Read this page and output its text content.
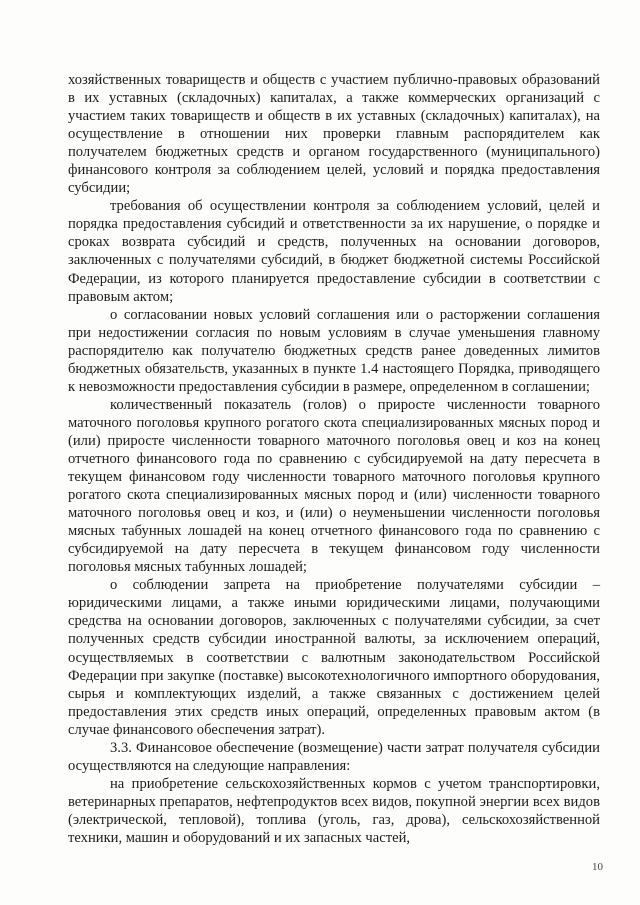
хозяйственных товариществ и обществ с участием публично-правовых образований в их уставных (складочных) капиталах, а также коммерческих организаций с участием таких товариществ и обществ в их уставных (складочных) капиталах), на осуществление в отношении них проверки главным распорядителем как получателем бюджетных средств и органом государственного (муниципального) финансового контроля за соблюдением целей, условий и порядка предоставления субсидии;

требования об осуществлении контроля за соблюдением условий, целей и порядка предоставления субсидий и ответственности за их нарушение, о порядке и сроках возврата субсидий и средств, полученных на основании договоров, заключенных с получателями субсидий, в бюджет бюджетной системы Российской Федерации, из которого планируется предоставление субсидии в соответствии с правовым актом;

о согласовании новых условий соглашения или о расторжении соглашения при недостижении согласия по новым условиям в случае уменьшения главному распорядителю как получателю бюджетных средств ранее доведенных лимитов бюджетных обязательств, указанных в пункте 1.4 настоящего Порядка, приводящего к невозможности предоставления субсидии в размере, определенном в соглашении;

количественный показатель (голов) о приросте численности товарного маточного поголовья крупного рогатого скота специализированных мясных пород и (или) приросте численности товарного маточного поголовья овец и коз на конец отчетного финансового года по сравнению с субсидируемой на дату пересчета в текущем финансовом году численности товарного маточного поголовья крупного рогатого скота специализированных мясных пород и (или) численности товарного маточного поголовья овец и коз, и (или) о неуменьшении численности поголовья мясных табунных лошадей на конец отчетного финансового года по сравнению с субсидируемой на дату пересчета в текущем финансовом году численности поголовья мясных табунных лошадей;

о соблюдении запрета на приобретение получателями субсидии – юридическими лицами, а также иными юридическими лицами, получающими средства на основании договоров, заключенных с получателями субсидии, за счет полученных средств субсидии иностранной валюты, за исключением операций, осуществляемых в соответствии с валютным законодательством Российской Федерации при закупке (поставке) высокотехнологичного импортного оборудования, сырья и комплектующих изделий, а также связанных с достижением целей предоставления этих средств иных операций, определенных правовым актом (в случае финансового обеспечения затрат).

3.3. Финансовое обеспечение (возмещение) части затрат получателя субсидии осуществляются на следующие направления:

на приобретение сельскохозяйственных кормов с учетом транспортировки, ветеринарных препаратов, нефтепродуктов всех видов, покупной энергии всех видов (электрической, тепловой), топлива (уголь, газ, дрова), сельскохозяйственной техники, машин и оборудований и их запасных частей,

10
